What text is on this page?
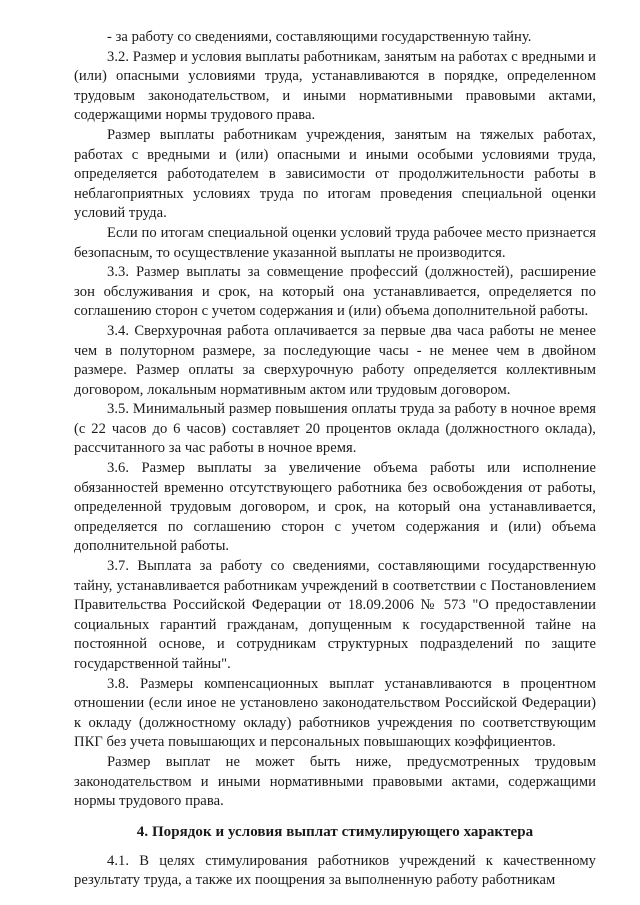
- за работу со сведениями, составляющими государственную тайну.

3.2. Размер и условия выплаты работникам, занятым на работах с вредными и (или) опасными условиями труда, устанавливаются в порядке, определенном трудовым законодательством, и иными нормативными правовыми актами, содержащими нормы трудового права.

Размер выплаты работникам учреждения, занятым на тяжелых работах, работах с вредными и (или) опасными и иными особыми условиями труда, определяется работодателем в зависимости от продолжительности работы в неблагоприятных условиях труда по итогам проведения специальной оценки условий труда.

Если по итогам специальной оценки условий труда рабочее место признается безопасным, то осуществление указанной выплаты не производится.

3.3. Размер выплаты за совмещение профессий (должностей), расширение зон обслуживания и срок, на который она устанавливается, определяется по соглашению сторон с учетом содержания и (или) объема дополнительной работы.

3.4. Сверхурочная работа оплачивается за первые два часа работы не менее чем в полуторном размере, за последующие часы - не менее чем в двойном размере. Размер оплаты за сверхурочную работу определяется коллективным договором, локальным нормативным актом или трудовым договором.

3.5. Минимальный размер повышения оплаты труда за работу в ночное время (с 22 часов до 6 часов) составляет 20 процентов оклада (должностного оклада), рассчитанного за час работы в ночное время.

3.6. Размер выплаты за увеличение объема работы или исполнение обязанностей временно отсутствующего работника без освобождения от работы, определенной трудовым договором, и срок, на который она устанавливается, определяется по соглашению сторон с учетом содержания и (или) объема дополнительной работы.

3.7. Выплата за работу со сведениями, составляющими государственную тайну, устанавливается работникам учреждений в соответствии с Постановлением Правительства Российской Федерации от 18.09.2006 № 573 "О предоставлении социальных гарантий гражданам, допущенным к государственной тайне на постоянной основе, и сотрудникам структурных подразделений по защите государственной тайны".

3.8. Размеры компенсационных выплат устанавливаются в процентном отношении (если иное не установлено законодательством Российской Федерации) к окладу (должностному окладу) работников учреждения по соответствующим ПКГ без учета повышающих и персональных повышающих коэффициентов.

Размер выплат не может быть ниже, предусмотренных трудовым законодательством и иными нормативными правовыми актами, содержащими нормы трудового права.

4. Порядок и условия выплат стимулирующего характера

4.1. В целях стимулирования работников учреждений к качественному результату труда, а также их поощрения за выполненную работу работникам
